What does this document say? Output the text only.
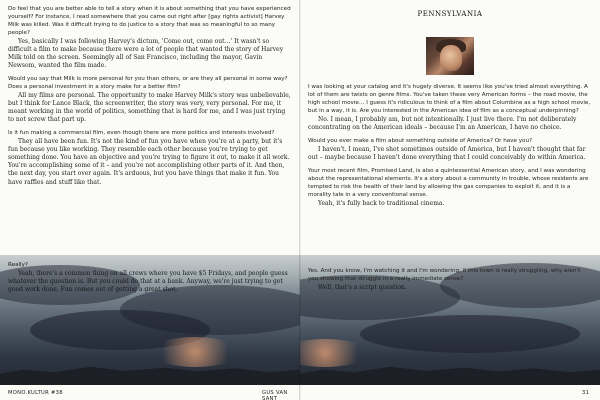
Do feel that you are better able to tell a story when it is about something that you have experienced yourself? For instance, I read somewhere that you came out right after [gay rights activist] Harvey Milk was killed. Was it difficult trying to do justice to a story that was so meaningful to so many people?

Yes, basically I was following Harvey's dictum, 'Come out, come out…' It wasn't so difficult a film to make because there were a lot of people that wanted the story of Harvey Milk told on the screen. Seemingly all of San Francisco, including the mayor, Gavin Newsom, wanted the film made.

Would you say that Milk is more personal for you than others, or are they all personal in some way? Does a personal investment in a story make for a better film?

All my films are personal. The opportunity to make Harvey Milk's story was unbelievable, but I think for Lance Black, the screenwriter, the story was very, very personal. For me, it meant working in the world of politics, something that is hard for me, and I was just trying to not screw that part up.

Is it fun making a commercial film, even though there are more politics and interests involved?

They all have been fun. It's not the kind of fun you have when you're at a party, but it's fun because you like working. They resemble each other because you're trying to get something done. You have an objective and you're trying to figure it out, to make it all work. You're accomplishing some of it – and you're not accomplishing other parts of it. And then, the next day, you start over again. It's arduous, but you have things that make it fun. You have raffles and stuff like that.

Really?

Yeah, there's a common thing on all crews where you have $5 Fridays, and people guess whatever the question is. But you could do that at a bank. Anyway, we're just trying to get good work done. Fun comes out of getting a great shot.

MONO.KULTUR #38	GUS VAN SANT
PENNSYLVANIA

I was looking at your catalog and it's hugely diverse. It seems like you've tried almost everything. A lot of them are twists on genre films. You've taken these very American forms – the road movie, the high school movie… I guess it's ridiculous to think of a film about Columbine as a high school movie, but in a way, it is. Are you interested in the American idea of film as a conceptual underpinning?

No. I mean, I probably am, but not intentionally. I just live there. I'm not deliberately concentrating on the American ideals – because I'm an American, I have no choice.

Would you ever make a film about something outside of America? Or have you?

I haven't. I mean, I've shot sometimes outside of America, but I haven't thought that far out – maybe because I haven't done everything that I could conceivably do within America.

Your most recent film, Promised Land, is also a quintessential American story, and I was wondering about the representational elements. It's a story about a community in trouble, whose residents are tempted to risk the health of their land by allowing the gas companies to exploit it, and it is a morality tale in a very conventional sense.

Yeah, it's fully back to traditional cinema.

Yes. And you know, I'm watching it and I'm wondering, if this town is really struggling, why aren't you showing that struggle in a really immediate sense?

Well, that's a script question.

31
